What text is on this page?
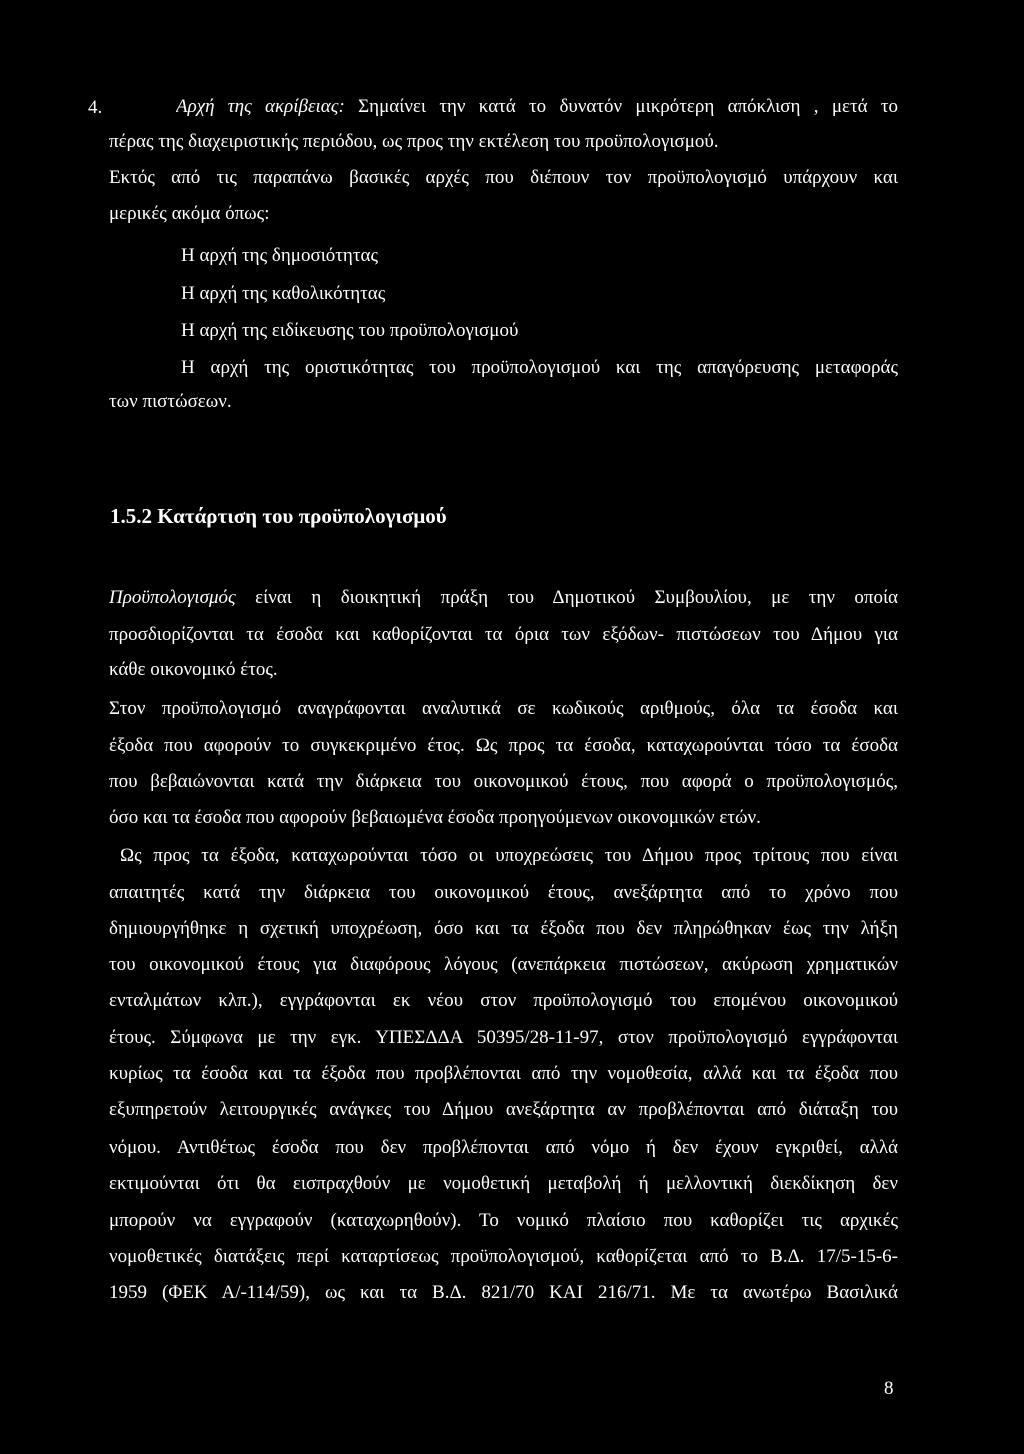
4.	Αρχή της ακρίβειας: Σημαίνει την κατά το δυνατόν μικρότερη απόκλιση , μετά το
πέρας της διαχειριστικής περιόδου, ως προς την εκτέλεση του προϋπολογισμού.
Εκτός από τις παραπάνω βασικές αρχές που διέπουν τον προϋπολογισμό υπάρχουν και
μερικές ακόμα όπως:
Η αρχή της δημοσιότητας
Η αρχή της καθολικότητας
Η αρχή της ειδίκευσης του προϋπολογισμού
Η αρχή της οριστικότητας του προϋπολογισμού και της απαγόρευσης μεταφοράς
των πιστώσεων.
1.5.2 Κατάρτιση του προϋπολογισμού
Προϋπολογισμός είναι η διοικητική πράξη του Δημοτικού Συμβουλίου, με την οποία
προσδιορίζονται τα έσοδα και καθορίζονται τα όρια των εξόδων- πιστώσεων του Δήμου για
κάθε οικονομικό έτος.
Στον προϋπολογισμό αναγράφονται αναλυτικά σε κωδικούς αριθμούς, όλα τα έσοδα και
έξοδα που αφορούν το συγκεκριμένο έτος. Ως προς τα έσοδα, καταχωρούνται τόσο τα έσοδα
που βεβαιώνονται κατά την διάρκεια του οικονομικού έτους, που αφορά ο προϋπολογισμός,
όσο και τα έσοδα που αφορούν βεβαιωμένα έσοδα προηγούμενων οικονομικών ετών.
Ως προς τα έξοδα, καταχωρούνται τόσο οι υποχρεώσεις του Δήμου προς τρίτους που είναι
απαιτητές κατά την διάρκεια του οικονομικού έτους, ανεξάρτητα από το χρόνο που
δημιουργήθηκε η σχετική υποχρέωση, όσο και τα έξοδα που δεν πληρώθηκαν έως την λήξη
του οικονομικού έτους για διαφόρους λόγους (ανεπάρκεια πιστώσεων, ακύρωση χρηματικών
ενταλμάτων κλπ.), εγγράφονται εκ νέου στον προϋπολογισμό του επομένου οικονομικού
έτους. Σύμφωνα με την εγκ. ΥΠΕΣΔΔΑ 50395/28-11-97, στον προϋπολογισμό εγγράφονται
κυρίως τα έσοδα και τα έξοδα που προβλέπονται από την νομοθεσία, αλλά και τα έξοδα που
εξυπηρετούν λειτουργικές ανάγκες του Δήμου ανεξάρτητα αν προβλέπονται από διάταξη του
νόμου. Αντιθέτως έσοδα που δεν προβλέπονται από νόμο ή δεν έχουν εγκριθεί, αλλά
εκτιμούνται ότι θα εισπραχθούν με νομοθετική μεταβολή ή μελλοντική διεκδίκηση δεν
μπορούν να εγγραφούν (καταχωρηθούν). Το νομικό πλαίσιο που καθορίζει τις αρχικές
νομοθετικές διατάξεις περί καταρτίσεως προϋπολογισμού, καθορίζεται από το Β.Δ. 17/5-15-6-
1959 (ΦΕΚ Α/-114/59), ως και τα Β.Δ. 821/70 ΚΑΙ 216/71. Με τα ανωτέρω Βασιλικά
8
